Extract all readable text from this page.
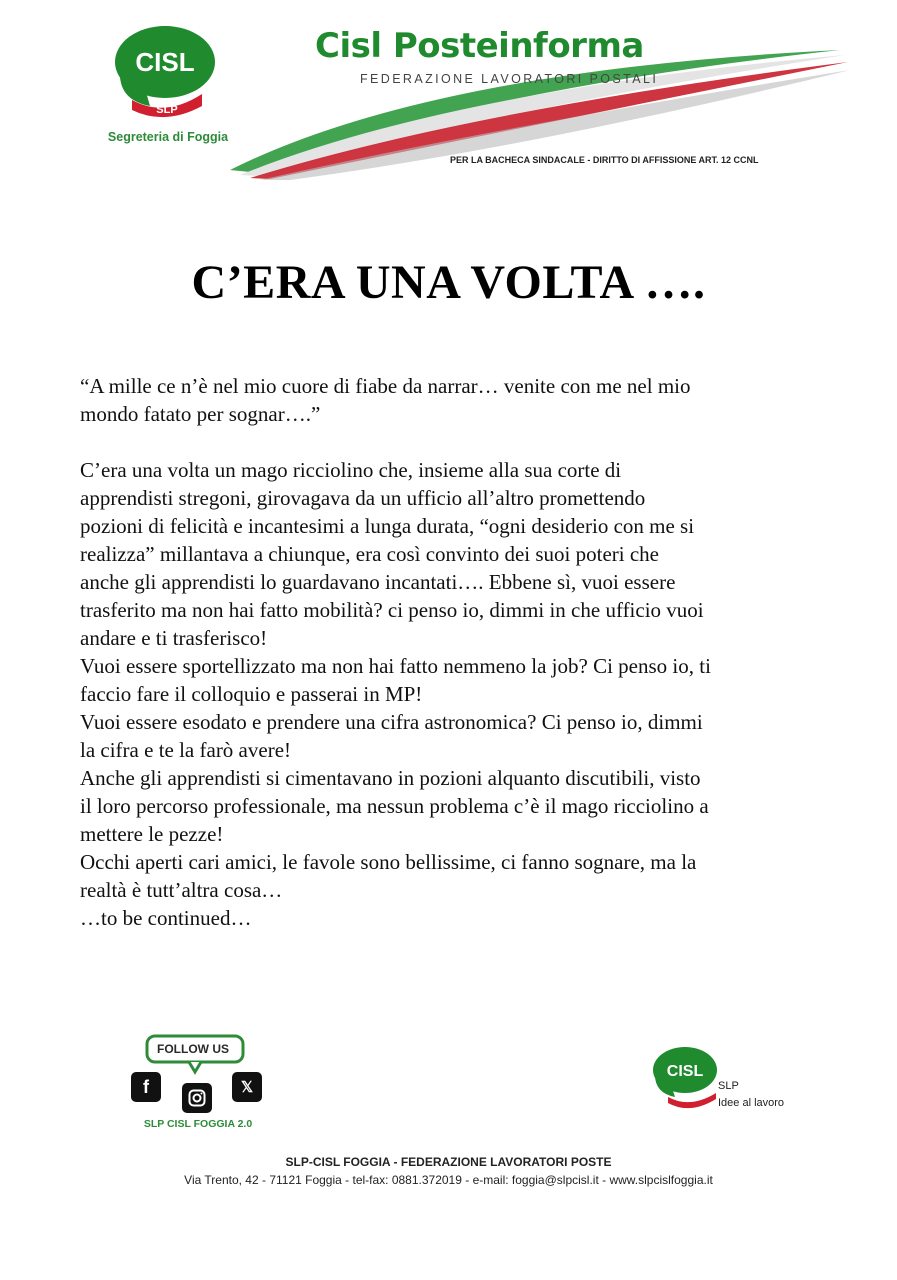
CISL
SLP
Segreteria di Foggia
Cisl Posteinforma
FEDERAZIONE LAVORATORI POSTALI
PER LA BACHECA SINDACALE - DIRITTO DI AFFISSIONE ART. 12 CCNL
C’ERA UNA VOLTA ….

“A mille ce n’è nel mio cuore di fiabe da narrar… venite con me nel mio

mondo fatato per sognar….”

C’era una volta un mago ricciolino che, insieme alla sua corte di

apprendisti stregoni, girovagava da un ufficio all’altro promettendo

pozioni di felicità e incantesimi a lunga durata, “ogni desiderio con me si

realizza” millantava a chiunque, era così convinto dei suoi poteri che

anche gli apprendisti lo guardavano incantati…. Ebbene sì, vuoi essere

trasferito ma non hai fatto mobilità? ci penso io, dimmi in che ufficio vuoi

andare e ti trasferisco!

Vuoi essere sportellizzato ma non hai fatto nemmeno la job? Ci penso io, ti

faccio fare il colloquio e passerai in MP!

Vuoi essere esodato e prendere una cifra astronomica? Ci penso io, dimmi

la cifra e te la farò avere!

Anche gli apprendisti si cimentavano in pozioni alquanto discutibili, visto

il loro percorso professionale, ma nessun problema c’è il mago ricciolino a

mettere le pezze!

Occhi aperti cari amici, le favole sono bellissime, ci fanno sognare, ma la

realtà è tutt’altra cosa…

…to be continued…

FOLLOW US
f	𝕏
SLP CISL FOGGIA 2.0
CISL
SLP
Idee al lavoro
SLP-CISL FOGGIA - FEDERAZIONE LAVORATORI POSTE
Via Trento, 42 - 71121 Foggia - tel-fax: 0881.372019 - e-mail: foggia@slpcisl.it - www.slpcislfoggia.it
